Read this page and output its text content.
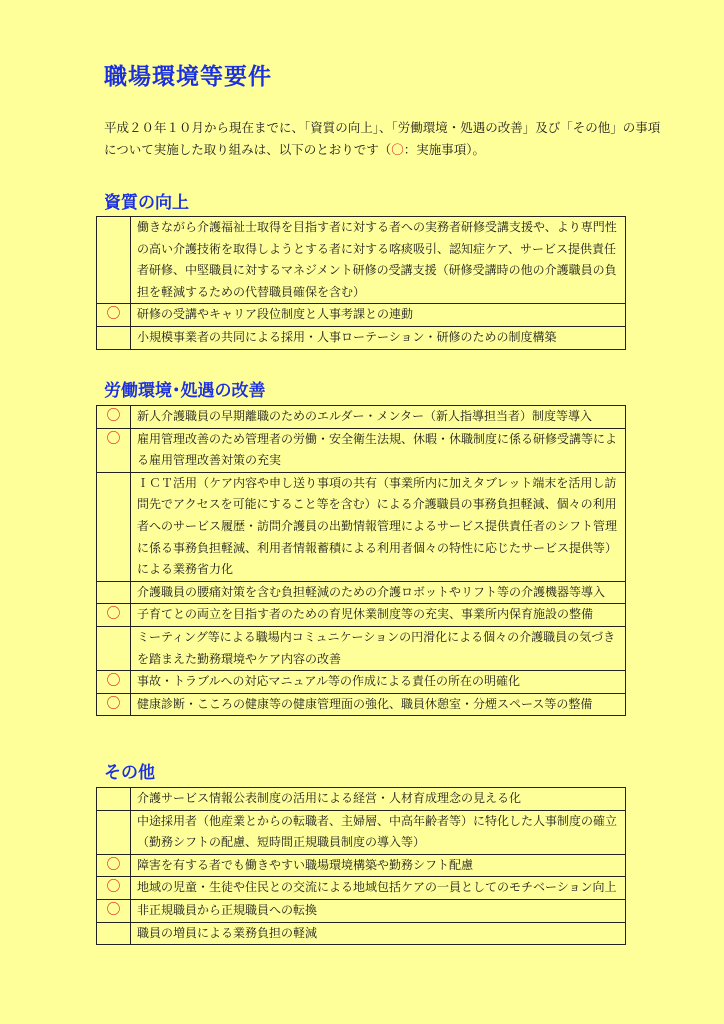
職場環境等要件
平成２０年１０月から現在までに、「資質の向上」、「労働環境・処遇の改善」及び「その他」の事項について実施した取り組みは、以下のとおりです（〇：実施事項）。
資質の向上
	働きながら介護福祉士取得を目指す者に対する者への実務者研修受講支援や、より専門性の高い介護技術を取得しようとする者に対する喀痰吸引、認知症ケア、サービス提供責任者研修、中堅職員に対するマネジメント研修の受講支援（研修受講時の他の介護職員の負担を軽減するための代替職員確保を含む）
〇	研修の受講やキャリア段位制度と人事考課との連動
	小規模事業者の共同による採用・人事ローテーション・研修のための制度構築
労働環境･処遇の改善
〇	新人介護職員の早期離職のためのエルダー・メンター（新人指導担当者）制度等導入
〇	雇用管理改善のため管理者の労働・安全衛生法規、休暇・休職制度に係る研修受講等による雇用管理改善対策の充実
	ＩＣＴ活用（ケア内容や申し送り事項の共有（事業所内に加えタブレット端末を活用し訪問先でアクセスを可能にすること等を含む）による介護職員の事務負担軽減、個々の利用者へのサービス履歴・訪問介護員の出勤情報管理によるサービス提供責任者のシフト管理に係る事務負担軽減、利用者情報蓄積による利用者個々の特性に応じたサービス提供等）による業務省力化
	介護職員の腰痛対策を含む負担軽減のための介護ロボットやリフト等の介護機器等導入
〇	子育てとの両立を目指す者のための育児休業制度等の充実、事業所内保育施設の整備
	ミーティング等による職場内コミュニケーションの円滑化による個々の介護職員の気づきを踏まえた勤務環境やケア内容の改善
〇	事故・トラブルへの対応マニュアル等の作成による責任の所在の明確化
〇	健康診断・こころの健康等の健康管理面の強化、職員休憩室・分煙スペース等の整備
その他
	介護サービス情報公表制度の活用による経営・人材育成理念の見える化
	中途採用者（他産業とからの転職者、主婦層、中高年齢者等）に特化した人事制度の確立（勤務シフトの配慮、短時間正規職員制度の導入等）
〇	障害を有する者でも働きやすい職場環境構築や勤務シフト配慮
〇	地域の児童・生徒や住民との交流による地域包括ケアの一員としてのモチベーション向上
〇	非正規職員から正規職員への転換
	職員の増員による業務負担の軽減
